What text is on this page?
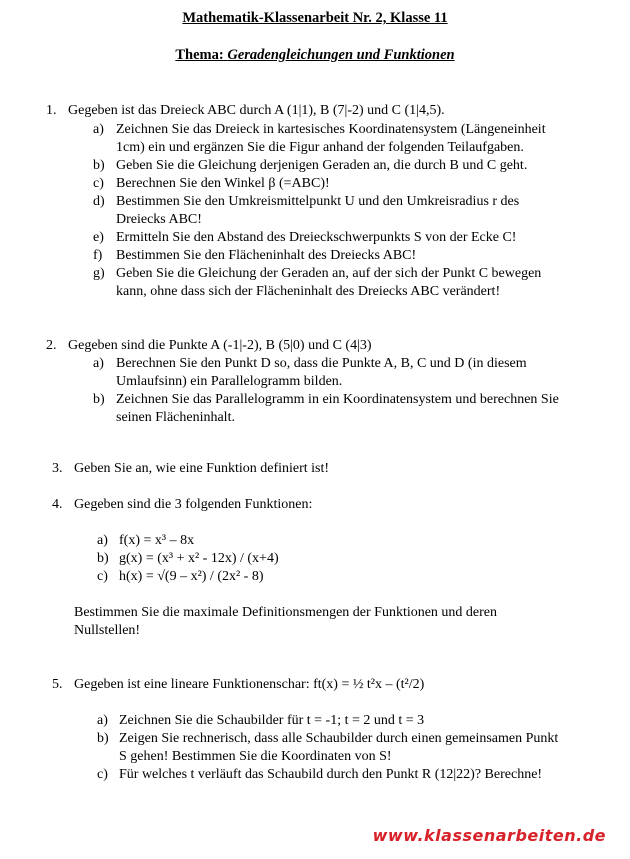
Mathematik-Klassenarbeit Nr. 2, Klasse 11
Thema: Geradengleichungen und Funktionen
1. Gegeben ist das Dreieck ABC durch A (1|1), B (7|-2) und C (1|4,5).
a) Zeichnen Sie das Dreieck in kartesisches Koordinatensystem (Längeneinheit
1cm) ein und ergänzen Sie die Figur anhand der folgenden Teilaufgaben.
b) Geben Sie die Gleichung derjenigen Geraden an, die durch B und C geht.
c) Berechnen Sie den Winkel β (=ABC)!
d) Bestimmen Sie den Umkreismittelpunkt U und den Umkreisradius r des
Dreiecks ABC!
e) Ermitteln Sie den Abstand des Dreieckschwerpunkts S von der Ecke C!
f) Bestimmen Sie den Flächeninhalt des Dreiecks ABC!
g) Geben Sie die Gleichung der Geraden an, auf der sich der Punkt C bewegen
kann, ohne dass sich der Flächeninhalt des Dreiecks ABC verändert!
2. Gegeben sind die Punkte A (-1|-2), B (5|0) und C (4|3)
a) Berechnen Sie den Punkt D so, dass die Punkte A, B, C und D (in diesem
Umlaufsinn) ein Parallelogramm bilden.
b) Zeichnen Sie das Parallelogramm in ein Koordinatensystem und berechnen Sie
seinen Flächeninhalt.
3. Geben Sie an, wie eine Funktion definiert ist!
4. Gegeben sind die 3 folgenden Funktionen:
a) f(x) = x³ – 8x
b) g(x) = (x³ + x² - 12x) / (x+4)
c) h(x) = √(9 – x²) / (2x² - 8)
Bestimmen Sie die maximale Definitionsmengen der Funktionen und deren
Nullstellen!
5. Gegeben ist eine lineare Funktionenschar: ft(x) = ½ t²x – (t²/2)
a) Zeichnen Sie die Schaubilder für t = -1; t = 2 und t = 3
b) Zeigen Sie rechnerisch, dass alle Schaubilder durch einen gemeinsamen Punkt
S gehen! Bestimmen Sie die Koordinaten von S!
c) Für welches t verläuft das Schaubild durch den Punkt R (12|22)? Berechne!
www.klassenarbeiten.de
